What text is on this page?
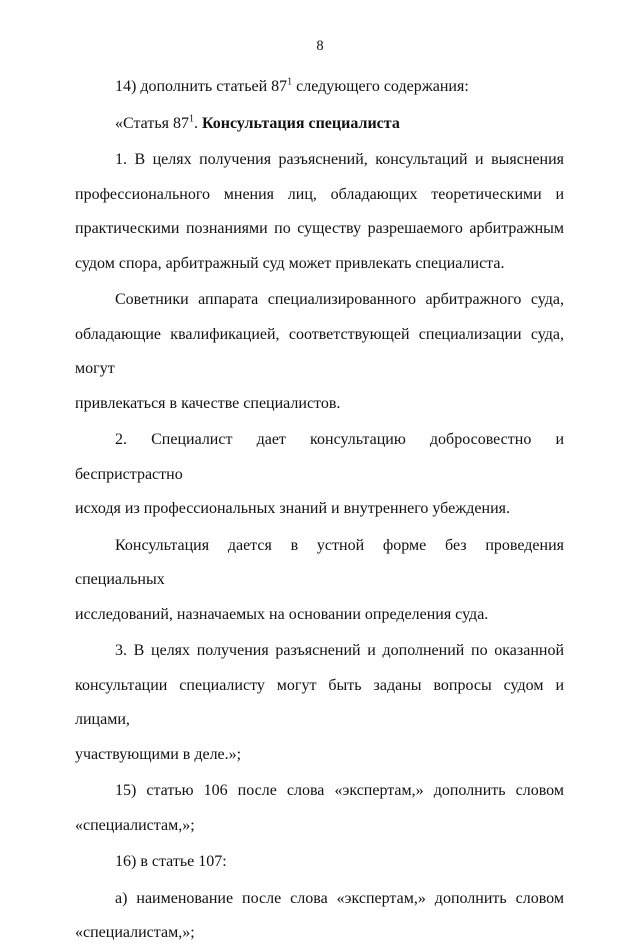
8

14) дополнить статьей $87^1$ следующего содержания:

«Статья $87^1$. Консультация специалиста

1. В целях получения разъяснений, консультаций и выяснения
профессионального мнения лиц, обладающих теоретическими и
практическими познаниями по существу разрешаемого арбитражным
судом спора, арбитражный суд может привлекать специалиста.
Советники аппарата специализированного арбитражного суда,
обладающие квалификацией, соответствующей специализации суда, могут
привлекаться в качестве специалистов.
2. Специалист дает консультацию добросовестно и беспристрастно
исходя из профессиональных знаний и внутреннего убеждения.
Консультация дается в устной форме без проведения специальных
исследований, назначаемых на основании определения суда.
3. В целях получения разъяснений и дополнений по оказанной
консультации специалисту могут быть заданы вопросы судом и лицами,
участвующими в деле.»;
15) статью 106 после слова «экспертам,» дополнить словом
«специалистам,»;
16) в статье 107:
а) наименование после слова «экспертам,» дополнить словом
«специалистам,»;
